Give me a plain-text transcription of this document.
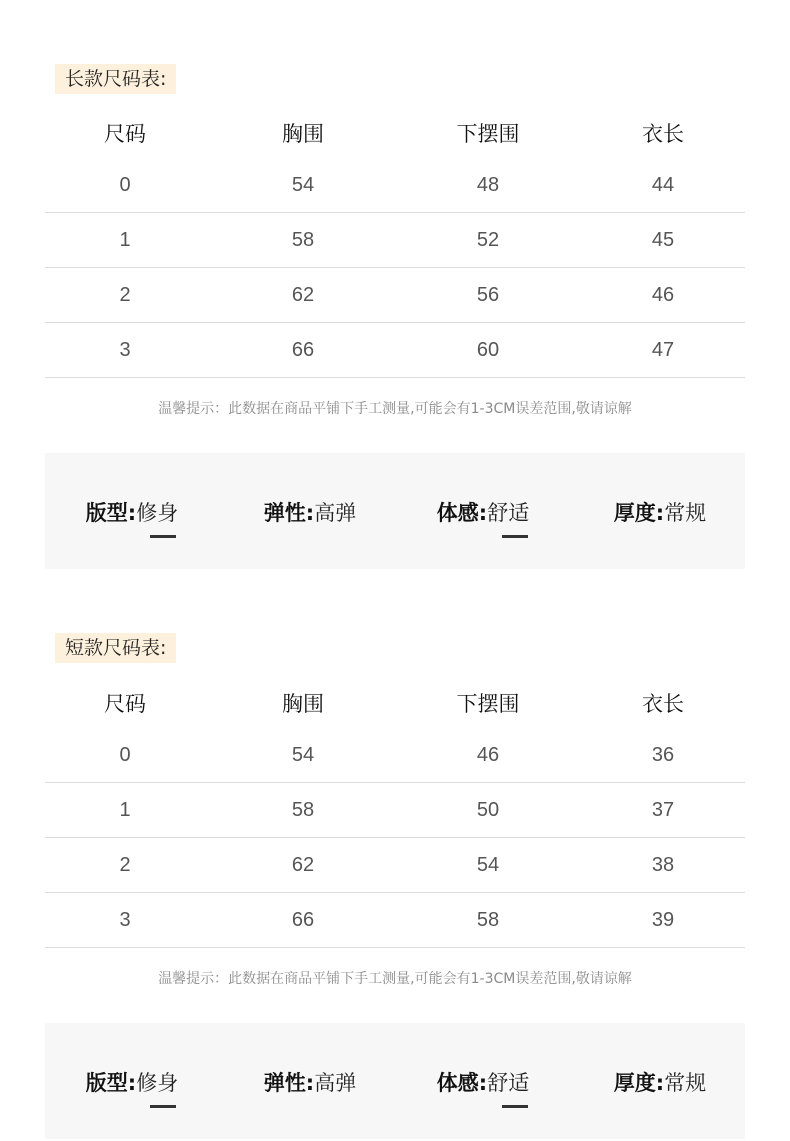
长款尺码表:
尺码	胸围	下摆围	衣长
0	54	48	44
1	58	52	45
2	62	56	46
3	66	60	47
温馨提示：此数据在商品平铺下手工测量,可能会有1-3CM误差范围,敬请谅解
版型:修身	弹性:高弹	体感:舒适	厚度:常规
短款尺码表:
尺码	胸围	下摆围	衣长
0	54	46	36
1	58	50	37
2	62	54	38
3	66	58	39
温馨提示：此数据在商品平铺下手工测量,可能会有1-3CM误差范围,敬请谅解
版型:修身	弹性:高弹	体感:舒适	厚度:常规
